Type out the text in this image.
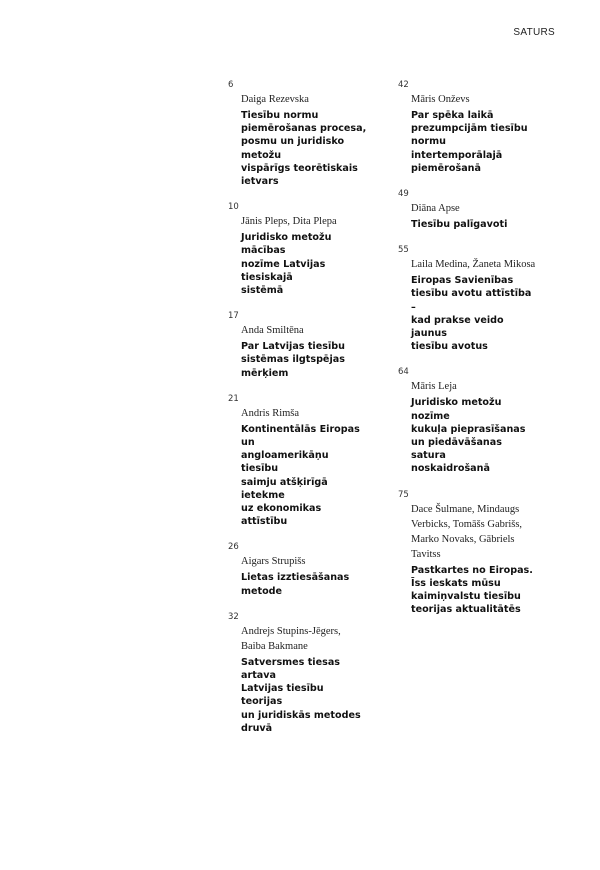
SATURS
6
Daiga Rezevska
Tiesību normu
piemērošanas procesa,
posmu un juridisko metožu
vispārīgs teorētiskais
ietvars
10
Jānis Pleps, Dita Plepa
Juridisko metožu mācības
nozīme Latvijas tiesiskajā
sistēmā
17
Anda Smiltēna
Par Latvijas tiesību
sistēmas ilgtspējas
mērķiem
21
Andris Rimša
Kontinentālās Eiropas un
angloamerikāņu tiesību
saimju atšķirīgā ietekme
uz ekonomikas attīstību
26
Aigars Strupišs
Lietas izztiesāšanas metode
32
Andrejs Stupins-Jēgers,
Baiba Bakmane
Satversmes tiesas artava
Latvijas tiesību teorijas
un juridiskās metodes
druvā
42
Māris Onževs
Par spēka laikā
prezumpcijām tiesību
normu intertemporālajā
piemērošanā
49
Diāna Apse
Tiesību palīgavoti
55
Laila Medina, Žaneta Mikosa
Eiropas Savienības
tiesību avotu attīstība –
kad prakse veido jaunus
tiesību avotus
64
Māris Leja
Juridisko metožu nozīme
kukuļa pieprasīšanas
un piedāvāšanas satura
noskaidrošanā
75
Dace Šulmane, Mindaugs
Verbicks, Tomāšs Gabrišs,
Marko Novaks, Gābriels Tavitss
Pastkartes no Eiropas.
Īss ieskats mūsu
kaimiņvalstu tiesību
teorijas aktualitātēs
